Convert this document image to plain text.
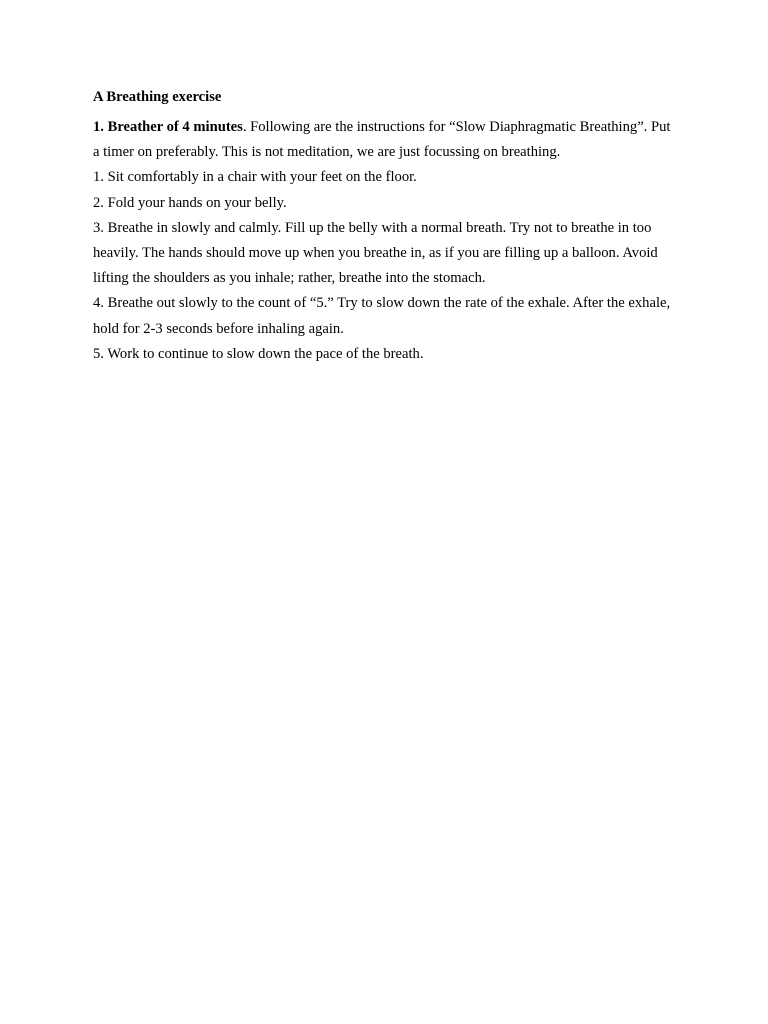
A Breathing exercise

1. Breather of 4 minutes. Following are the instructions for “Slow Diaphragmatic Breathing”. Put a timer on preferably. This is not meditation, we are just focussing on breathing.

1. Sit comfortably in a chair with your feet on the floor.

2. Fold your hands on your belly.

3. Breathe in slowly and calmly. Fill up the belly with a normal breath. Try not to breathe in too heavily. The hands should move up when you breathe in, as if you are filling up a balloon. Avoid lifting the shoulders as you inhale; rather, breathe into the stomach.

4. Breathe out slowly to the count of “5.” Try to slow down the rate of the exhale. After the exhale, hold for 2-3 seconds before inhaling again.

5. Work to continue to slow down the pace of the breath.
